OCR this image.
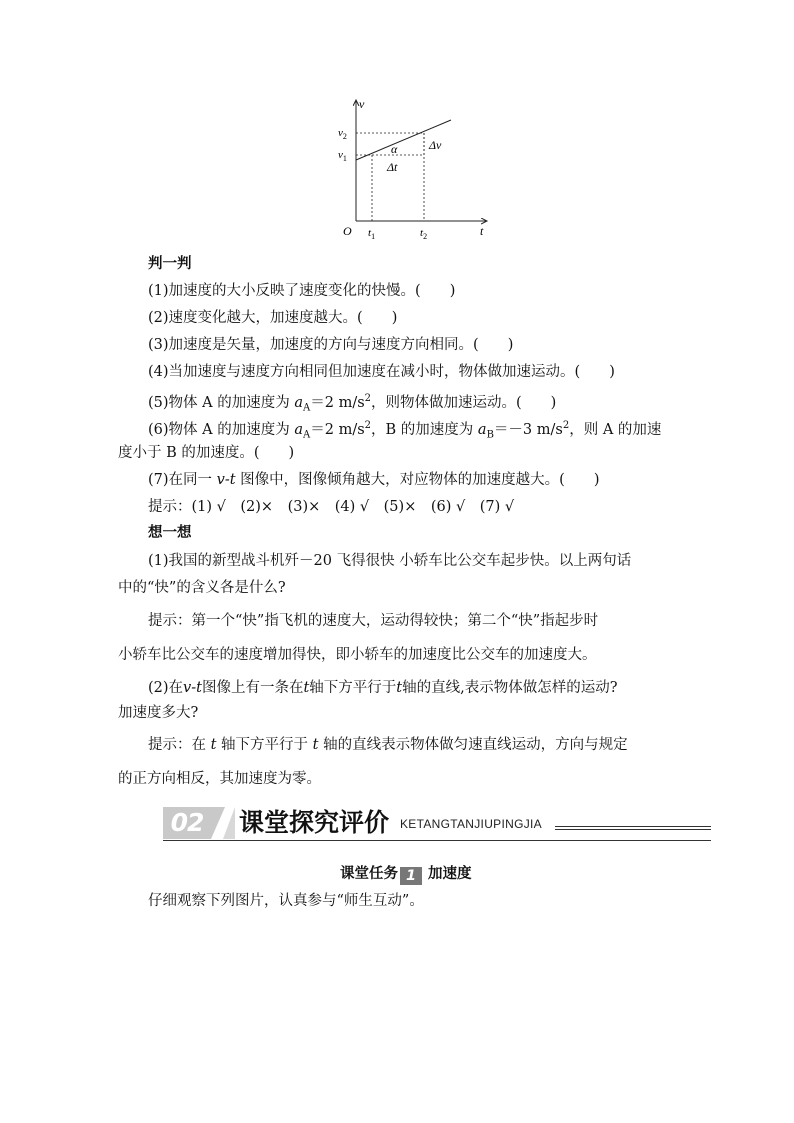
v
t
O
$v_2$
$v_1$
$t_1$	$t_2$
α	Δv
Δt
判一判
(1)加速度的大小反映了速度变化的快慢。(　　)
(2)速度变化越大，加速度越大。(　　)
(3)加速度是矢量，加速度的方向与速度方向相同。(　　)
(4)当加速度与速度方向相同但加速度在减小时，物体做加速运动。(　　)
(5)物体 A 的加速度为 $a_A=2$ $m/s^2$，则物体做加速运动。(　　)
(6)物体 A 的加速度为 $a_A=2$ $m/s^2$，B 的加速度为 $a_B=-3$ $m/s^2$，则 A 的加速
度小于 B 的加速度。(　　)
(7)在同一 v-t 图像中，图像倾角越大，对应物体的加速度越大。(　　)
提示：(1) √　(2)×　(3)×　(4) √　(5)×　(6) √　(7) √
想一想
(1)我国的新型战斗机歼－20 飞得很快 小轿车比公交车起步快。以上两句话
中的“快”的含义各是什么?
提示：第一个“快”指飞机的速度大，运动得较快；第二个“快”指起步时
小轿车比公交车的速度增加得快，即小轿车的加速度比公交车的加速度大。
(2)在v-t图像上有一条在t轴下方平行于t轴的直线,表示物体做怎样的运动?
加速度多大?
提示：在 t 轴下方平行于 t 轴的直线表示物体做匀速直线运动，方向与规定
的正方向相反，其加速度为零。
02	课堂探究评价 KETANGTANJIUPINGJIA
课堂任务 1 加速度
仔细观察下列图片，认真参与“师生互动”。
